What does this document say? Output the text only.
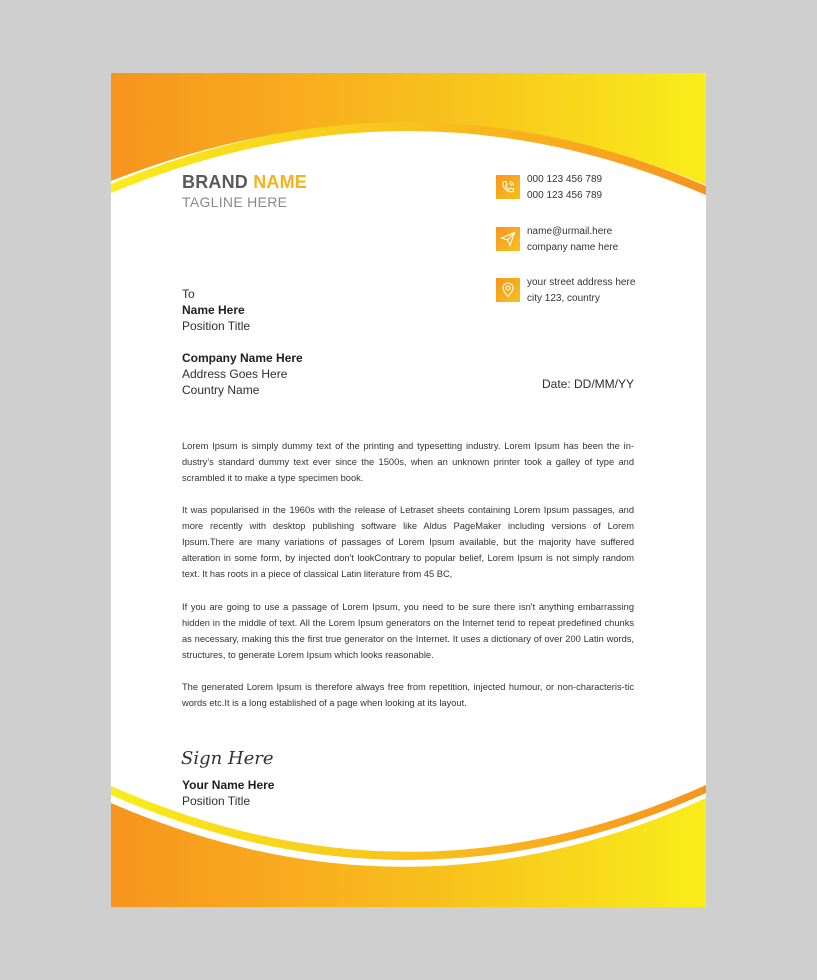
BRAND NAME
TAGLINE HERE
000 123 456 789
000 123 456 789
name@urmail.here
company name here
your street address here
city 123, country
To
Name Here
Position Title
Company Name Here
Address Goes Here
Country Name	Date: DD/MM/YY
Lorem Ipsum is simply dummy text of the printing and typesetting industry. Lorem Ipsum has been the in-dustry's standard dummy text ever since the 1500s, when an unknown printer took a galley of type and scrambled it to make a type specimen book.
It was popularised in the 1960s with the release of Letraset sheets containing Lorem Ipsum passages, and more recently with desktop publishing software like Aldus PageMaker including versions of Lorem Ipsum.There are many variations of passages of Lorem Ipsum available, but the majority have suffered alteration in some form, by injected don't lookContrary to popular belief, Lorem Ipsum is not simply random text. It has roots in a piece of classical Latin literature from 45 BC,
If you are going to use a passage of Lorem Ipsum, you need to be sure there isn't anything embarrassing hidden in the middle of text. All the Lorem Ipsum generators on the Internet tend to repeat predefined chunks as necessary, making this the first true generator on the Internet. It uses a dictionary of over 200 Latin words, structures, to generate Lorem Ipsum which looks reasonable.
The generated Lorem Ipsum is therefore always free from repetition, injected humour, or non-characteris-tic words etc.It is a long established of a page when looking at its layout.
Sign Here
Your Name Here
Position Title
